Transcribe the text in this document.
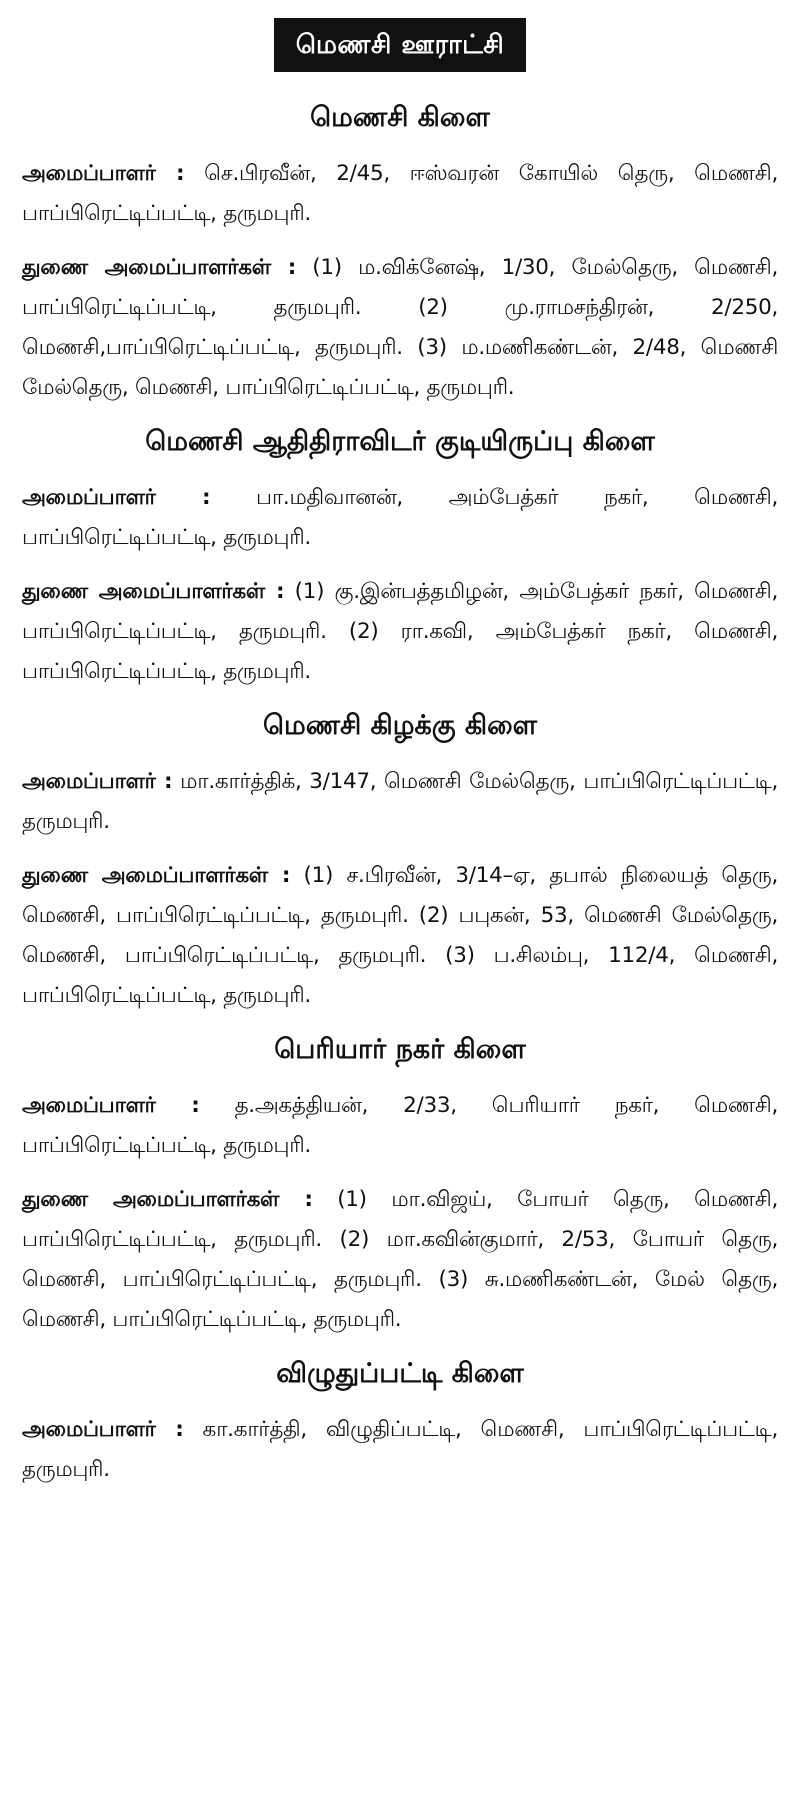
மெணசி ஊராட்சி
மெணசி கிளை

அமைப்பாளர் : செ.பிரவீன், 2/45, ஈஸ்வரன் கோயில் தெரு, மெணசி, பாப்பிரெட்டிப்பட்டி, தருமபுரி.

துணை அமைப்பாளர்கள் : (1) ம.விக்னேஷ், 1/30, மேல்தெரு, மெணசி, பாப்பிரெட்டிப்பட்டி, தருமபுரி. (2) மு.ராமசந்திரன், 2/250, மெணசி,பாப்பிரெட்டிப்பட்டி, தருமபுரி. (3) ம.மணிகண்டன், 2/48, மெணசி மேல்தெரு, மெணசி, பாப்பிரெட்டிப்பட்டி, தருமபுரி.

மெணசி ஆதிதிராவிடர் குடியிருப்பு கிளை

அமைப்பாளர் : பா.மதிவானன், அம்பேத்கர் நகர், மெணசி, பாப்பிரெட்டிப்பட்டி, தருமபுரி.

துணை அமைப்பாளர்கள் : (1) கு.இன்பத்தமிழன், அம்பேத்கர் நகர், மெணசி, பாப்பிரெட்டிப்பட்டி, தருமபுரி. (2) ரா.கவி, அம்பேத்கர் நகர், மெணசி, பாப்பிரெட்டிப்பட்டி, தருமபுரி.

மெணசி கிழக்கு கிளை

அமைப்பாளர் : மா.கார்த்திக், 3/147, மெணசி மேல்தெரு, பாப்பிரெட்டிப்பட்டி, தருமபுரி.

துணை அமைப்பாளர்கள் : (1) ச.பிரவீன், 3/14–ஏ, தபால் நிலையத் தெரு, மெணசி, பாப்பிரெட்டிப்பட்டி, தருமபுரி. (2) பபுகன், 53, மெணசி மேல்தெரு, மெணசி, பாப்பிரெட்டிப்பட்டி, தருமபுரி. (3) ப.சிலம்பு, 112/4, மெணசி, பாப்பிரெட்டிப்பட்டி, தருமபுரி.

பெரியார் நகர் கிளை

அமைப்பாளர் : த.அகத்தியன், 2/33, பெரியார் நகர், மெணசி, பாப்பிரெட்டிப்பட்டி, தருமபுரி.

துணை அமைப்பாளர்கள் : (1) மா.விஜய், போயர் தெரு, மெணசி, பாப்பிரெட்டிப்பட்டி, தருமபுரி. (2) மா.கவின்குமார், 2/53, போயர் தெரு, மெணசி, பாப்பிரெட்டிப்பட்டி, தருமபுரி. (3) சு.மணிகண்டன், மேல் தெரு, மெணசி, பாப்பிரெட்டிப்பட்டி, தருமபுரி.

விழுதுப்பட்டி கிளை

அமைப்பாளர் : கா.கார்த்தி, விழுதிப்பட்டி, மெணசி, பாப்பிரெட்டிப்பட்டி, தருமபுரி.
